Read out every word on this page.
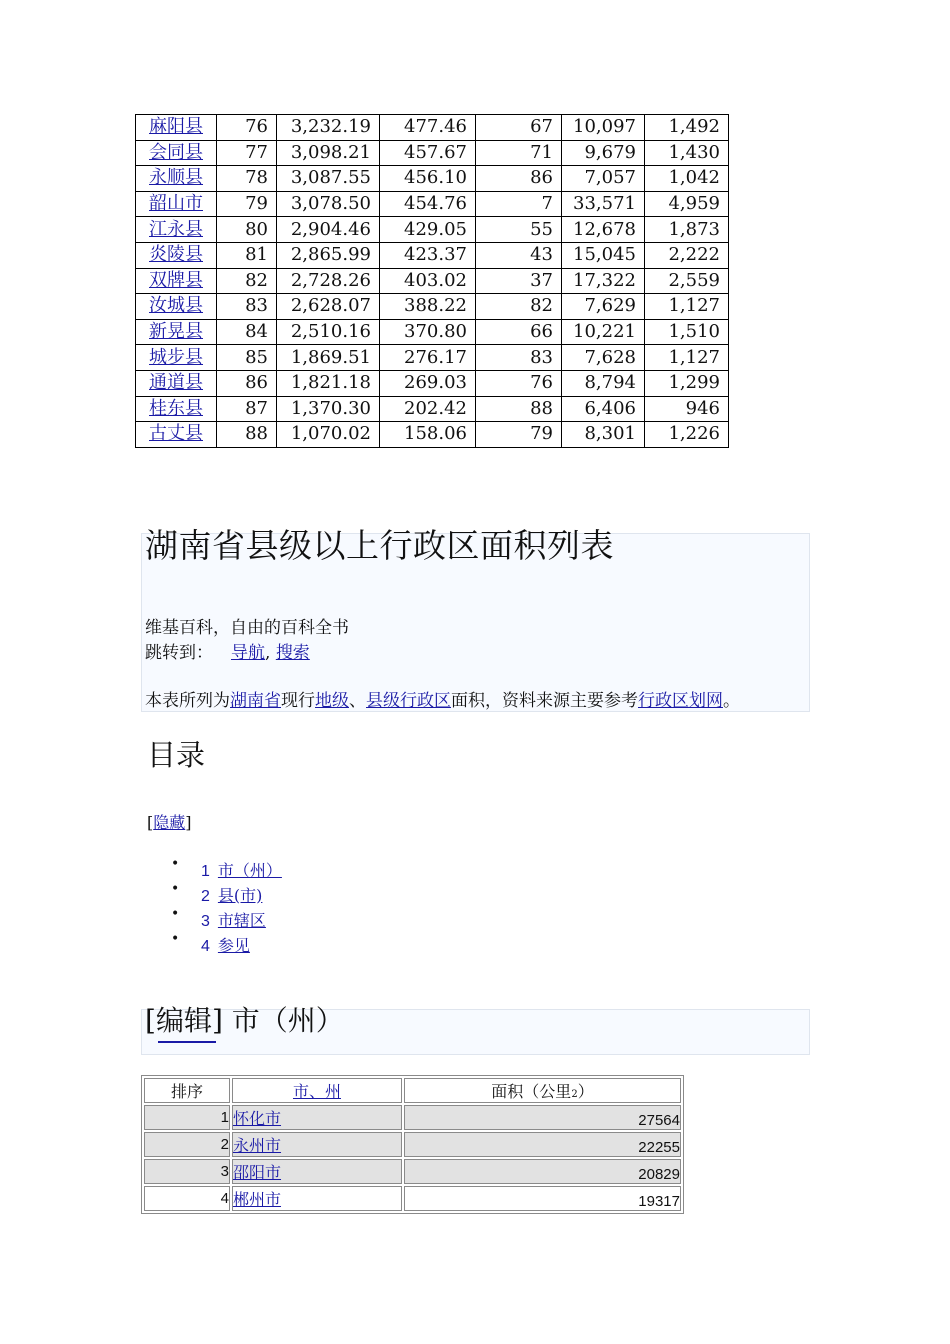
麻阳县	76	3,232.19	477.46	67	10,097	1,492
会同县	77	3,098.21	457.67	71	9,679	1,430
永顺县	78	3,087.55	456.10	86	7,057	1,042
韶山市	79	3,078.50	454.76	7	33,571	4,959
江永县	80	2,904.46	429.05	55	12,678	1,873
炎陵县	81	2,865.99	423.37	43	15,045	2,222
双牌县	82	2,728.26	403.02	37	17,322	2,559
汝城县	83	2,628.07	388.22	82	7,629	1,127
新晃县	84	2,510.16	370.80	66	10,221	1,510
城步县	85	1,869.51	276.17	83	7,628	1,127
通道县	86	1,821.18	269.03	76	8,794	1,299
桂东县	87	1,370.30	202.42	88	6,406	946
古丈县	88	1,070.02	158.06	79	8,301	1,226
湖南省县级以上行政区面积列表
维基百科，自由的百科全书
跳转到： 导航, 搜索
本表所列为湖南省现行地级、县级行政区面积，资料来源主要参考行政区划网。
目录
[隐藏]
• 1 市（州）
• 2 县(市)
• 3 市辖区
• 4 参见
[编辑] 市（州）
排序	市、州	面积（公里2）
1	怀化市	27564
2	永州市	22255
3	邵阳市	20829
4	郴州市	19317
